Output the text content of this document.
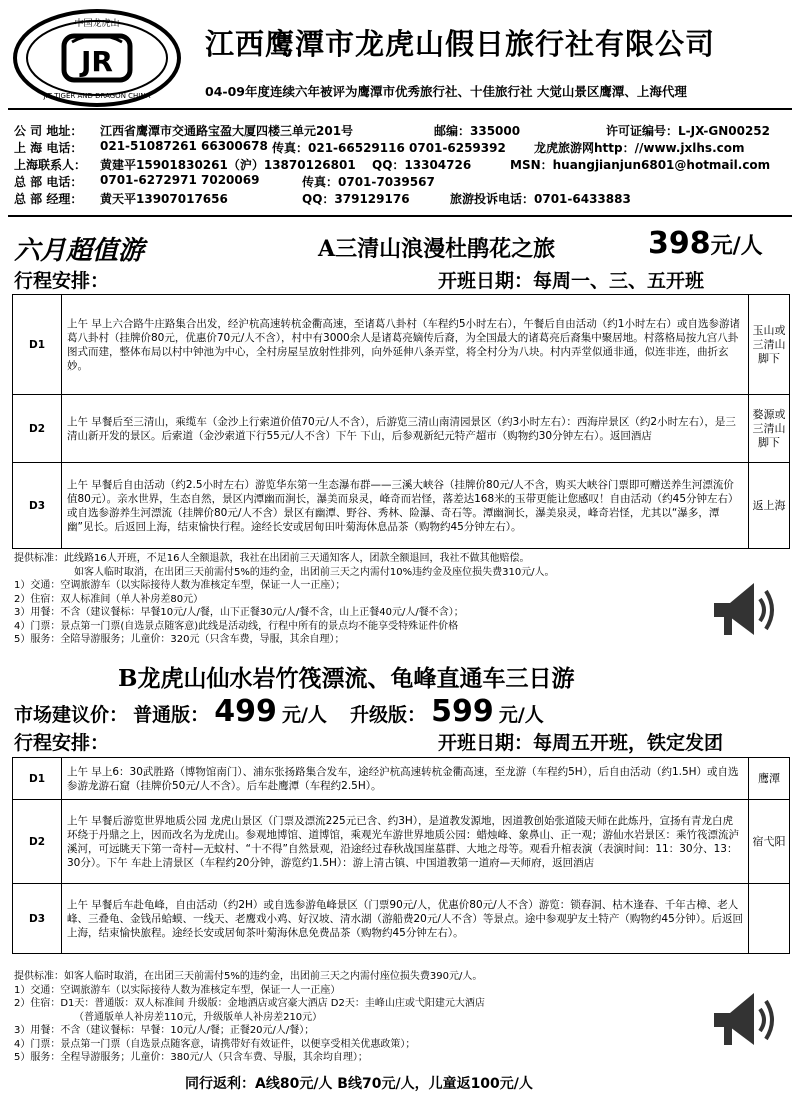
JR
中国龙虎山
JIT TIGER AND DRAGON CHINA
江西鹰潭市龙虎山假日旅行社有限公司
04-09年度连续六年被评为鹰潭市优秀旅行社、十佳旅行社 大觉山景区鹰潭、上海代理
公 司 地址： 江西省鹰潭市交通路宝盈大厦四楼三单元201号	邮编：335000	许可证编号：L-JX-GN00252
上 海 电话： 021-51087261 66300678 传真：021-66529116 0701-6259392 龙虎旅游网http：//www.jxlhs.com
上海联系人： 黄建平15901830261（沪）13870126801 QQ：13304726	MSN：huangjianjun6801@hotmail.com
总 部 电话： 0701-6272971 7020069	传真：0701-7039567
总 部 经理： 黄天平13907017656	QQ：379129176	旅游投诉电话：0701-6433883
六月超值游	A三清山浪漫杜鹃花之旅	398元/人
行程安排：	开班日期：每周一、三、五开班
D1	上午 早上六合路牛庄路集合出发，经沪杭高速转杭金衢高速，至诸葛八卦村（车程约5小时左右），午餐后自由活动（约1小时左右）或自选参游诸葛八卦村（挂牌价80元，优惠价70元/人不含），村中有3000余人是诸葛亮嫡传后裔，为全国最大的诸葛亮后裔集中聚居地。村落格局按九宫八卦图式而建，整体布局以村中钟池为中心，全村房屋呈放射性排列，向外延伸八条弄堂，将全村分为八块。村内弄堂似通非通，似连非连，曲折玄妙。	玉山或三清山脚下
D2	上午 早餐后至三清山，乘缆车（金沙上行索道价值70元/人不含），后游览三清山南清园景区（约3小时左右）：西海岸景区（约2小时左右），是三清山新开发的景区。后索道（金沙索道下行55元/人不含）下午 下山，后参观新纪元特产超市（购物约30分钟左右）。返回酒店	婺源或三清山脚下
D3	上午 早餐后自由活动（约2.5小时左右）游览华东第一生态瀑布群——三溪大峡谷（挂牌价80元/人不含，购买大峡谷门票即可赠送养生河漂流价值80元）。亲水世界，生态自然，景区内潭幽而涧长，瀑美而泉灵，峰奇而岩怪，落差达168米的玉带更能让您感叹！自由活动（约45分钟左右）或自选参游养生河漂流（挂牌价80元/人不含）景区有幽潭、野谷、秀林、险瀑、奇石等。潭幽涧长，瀑美泉灵，峰奇岩怪，尤其以“瀑多，潭幽”见长。后返回上海，结束愉快行程。途经长安或居甸田叶菊海休息品茶（购物约45分钟左右）。	返上海
提供标准：此线路16人开班，不足16人全额退款，我社在出团前三天通知客人，团款全额退回，我社不做其他赔偿。
如客人临时取消，在出团三天前需付5%的违约金，出团前三天之内需付10%违约金及座位损失费310元/人。
1）交通：空调旅游车（以实际接待人数为准核定车型，保证一人一正座）；
2）住宿：双人标准间（单人补房差80元）
3）用餐：不含（建议餐标：早餐10元/人/餐，山下正餐30元/人/餐不含，山上正餐40元/人/餐不含）；
4）门票：景点第一门票(自选景点随客意)此线是活动线，行程中所有的景点均不能享受特殊证件价格
5）服务：全陪导游服务；儿童价：320元（只含车费，导服，其余自理）；
B龙虎山仙水岩竹筏漂流、龟峰直通车三日游
市场建议价： 普通版： 499 元/人 升级版： 599 元/人
行程安排：	开班日期：每周五开班，铁定发团
D1	上午 早上6：30武胜路（博物馆南门）、浦东张扬路集合发车，途经沪杭高速转杭金衢高速，至龙游（车程约5H），后自由活动（约1.5H）或自选参游龙游石窟（挂牌价50元/人不含）。后车赴鹰潭（车程约2.5H）。	鹰潭
D2	上午 早餐后游览世界地质公园 龙虎山景区（门票及漂流225元已含、约3H），是道教发源地，因道教创始张道陵天师在此炼丹，宣扬有青龙白虎环绕于丹鼎之上，因而改名为龙虎山。参观地博馆、道博馆，乘观光车游世界地质公园：蜡烛峰、象鼻山、正一观；游仙水岩景区：乘竹筏漂流泸溪河，可远眺天下第一奇村—无蚊村、“十不得”自然景观，沿途经过春秋战国崖墓群、大地之母等。观看升棺表演（表演时间：11：30分、13：30分）。下午 车赴上清景区（车程约20分钟，游览约1.5H）：游上清古镇、中国道教第一道府—天师府，返回酒店	宿弋阳
D3	上午 早餐后车赴龟峰，自由活动（约2H）或自选参游龟峰景区（门票90元/人，优惠价80元/人不含）游览：锁春洞、枯木逢春、千年古樟、老人峰、三叠龟、金钱吊蛤蟆、一线天、老鹰戏小鸡、好汉坡、清水湖（游船费20元/人不含）等景点。途中参观驴友土特产（购物约45分钟）。后返回上海，结束愉快旅程。途经长安或居甸茶叶菊海休息免费品茶（购物约45分钟左右）。	
提供标准：如客人临时取消，在出团三天前需付5%的违约金，出团前三天之内需付座位损失费390元/人。
1）交通：空调旅游车（以实际接待人数为准核定车型，保证一人一正座）
2）住宿：D1天：普通版：双人标准间 升级版：金地酒店或宫豪大酒店 D2天：圭峰山庄或弋阳建元大酒店
（普通版单人补房差110元，升级版单人补房差210元）
3）用餐：不含（建议餐标：早餐：10元/人/餐；正餐20元/人/餐）；
4）门票：景点第一门票（自选景点随客意，请携带好有效证件，以便享受相关优惠政策）；
5）服务：全程导游服务；儿童价：380元/人（只含车费、导服，其余均自理）；
同行返利：A线80元/人 B线70元/人，儿童返100元/人
